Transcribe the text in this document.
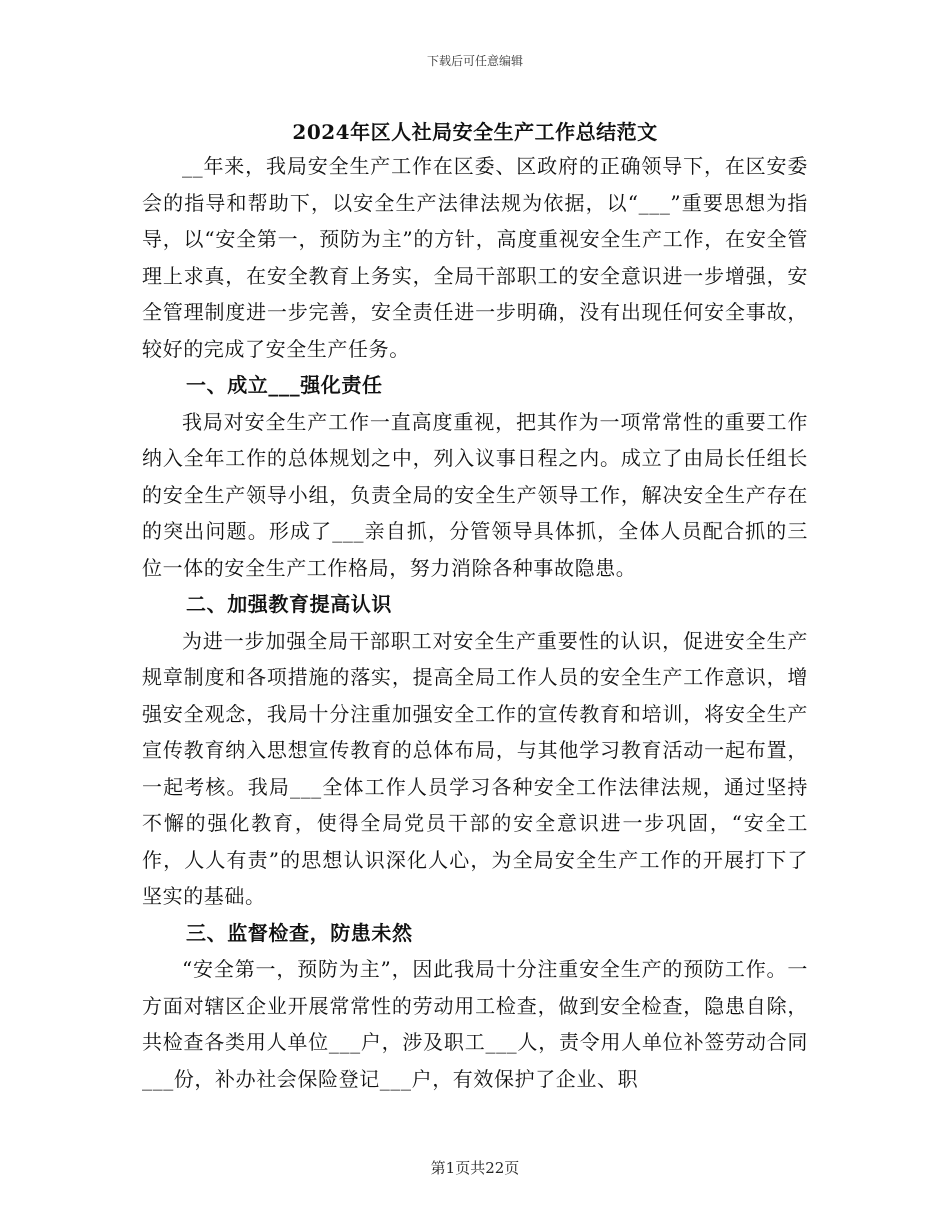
下载后可任意编辑
2024年区人社局安全生产工作总结范文

__年来，我局安全生产工作在区委、区政府的正确领导下，在区安委会的指导和帮助下，以安全生产法律法规为依据，以“___”重要思想为指导，以“安全第一，预防为主”的方针，高度重视安全生产工作，在安全管理上求真，在安全教育上务实，全局干部职工的安全意识进一步增强，安全管理制度进一步完善，安全责任进一步明确，没有出现任何安全事故，较好的完成了安全生产任务。

一、成立___强化责任

我局对安全生产工作一直高度重视，把其作为一项常常性的重要工作纳入全年工作的总体规划之中，列入议事日程之内。成立了由局长任组长的安全生产领导小组，负责全局的安全生产领导工作，解决安全生产存在的突出问题。形成了___亲自抓，分管领导具体抓，全体人员配合抓的三位一体的安全生产工作格局，努力消除各种事故隐患。

二、加强教育提高认识

为进一步加强全局干部职工对安全生产重要性的认识，促进安全生产规章制度和各项措施的落实，提高全局工作人员的安全生产工作意识，增强安全观念，我局十分注重加强安全工作的宣传教育和培训，将安全生产宣传教育纳入思想宣传教育的总体布局，与其他学习教育活动一起布置，一起考核。我局___全体工作人员学习各种安全工作法律法规，通过坚持不懈的强化教育，使得全局党员干部的安全意识进一步巩固，“安全工作，人人有责”的思想认识深化人心，为全局安全生产工作的开展打下了坚实的基础。

三、监督检查，防患未然

“安全第一，预防为主”，因此我局十分注重安全生产的预防工作。一方面对辖区企业开展常常性的劳动用工检查，做到安全检查，隐患自除，共检查各类用人单位___户，涉及职工___人，责令用人单位补签劳动合同___份，补办社会保险登记___户，有效保护了企业、职

第1页共22页
